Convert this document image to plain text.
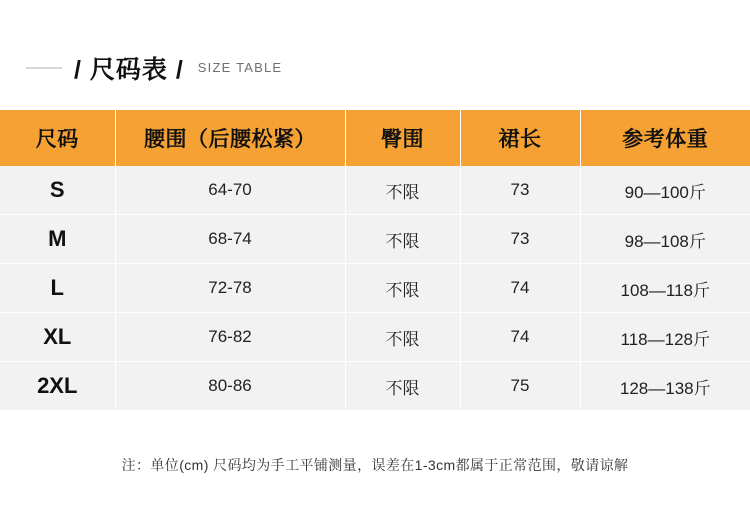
/ 尺码表 / SIZE TABLE
尺码	腰围（后腰松紧）	臀围	裙长	参考体重
S	64-70	不限	73	90—100斤
M	68-74	不限	73	98—108斤
L	72-78	不限	74	108—118斤
XL	76-82	不限	74	118—128斤
2XL	80-86	不限	75	128—138斤
注：单位(cm) 尺码均为手工平铺测量，误差在1-3cm都属于正常范围，敬请谅解
